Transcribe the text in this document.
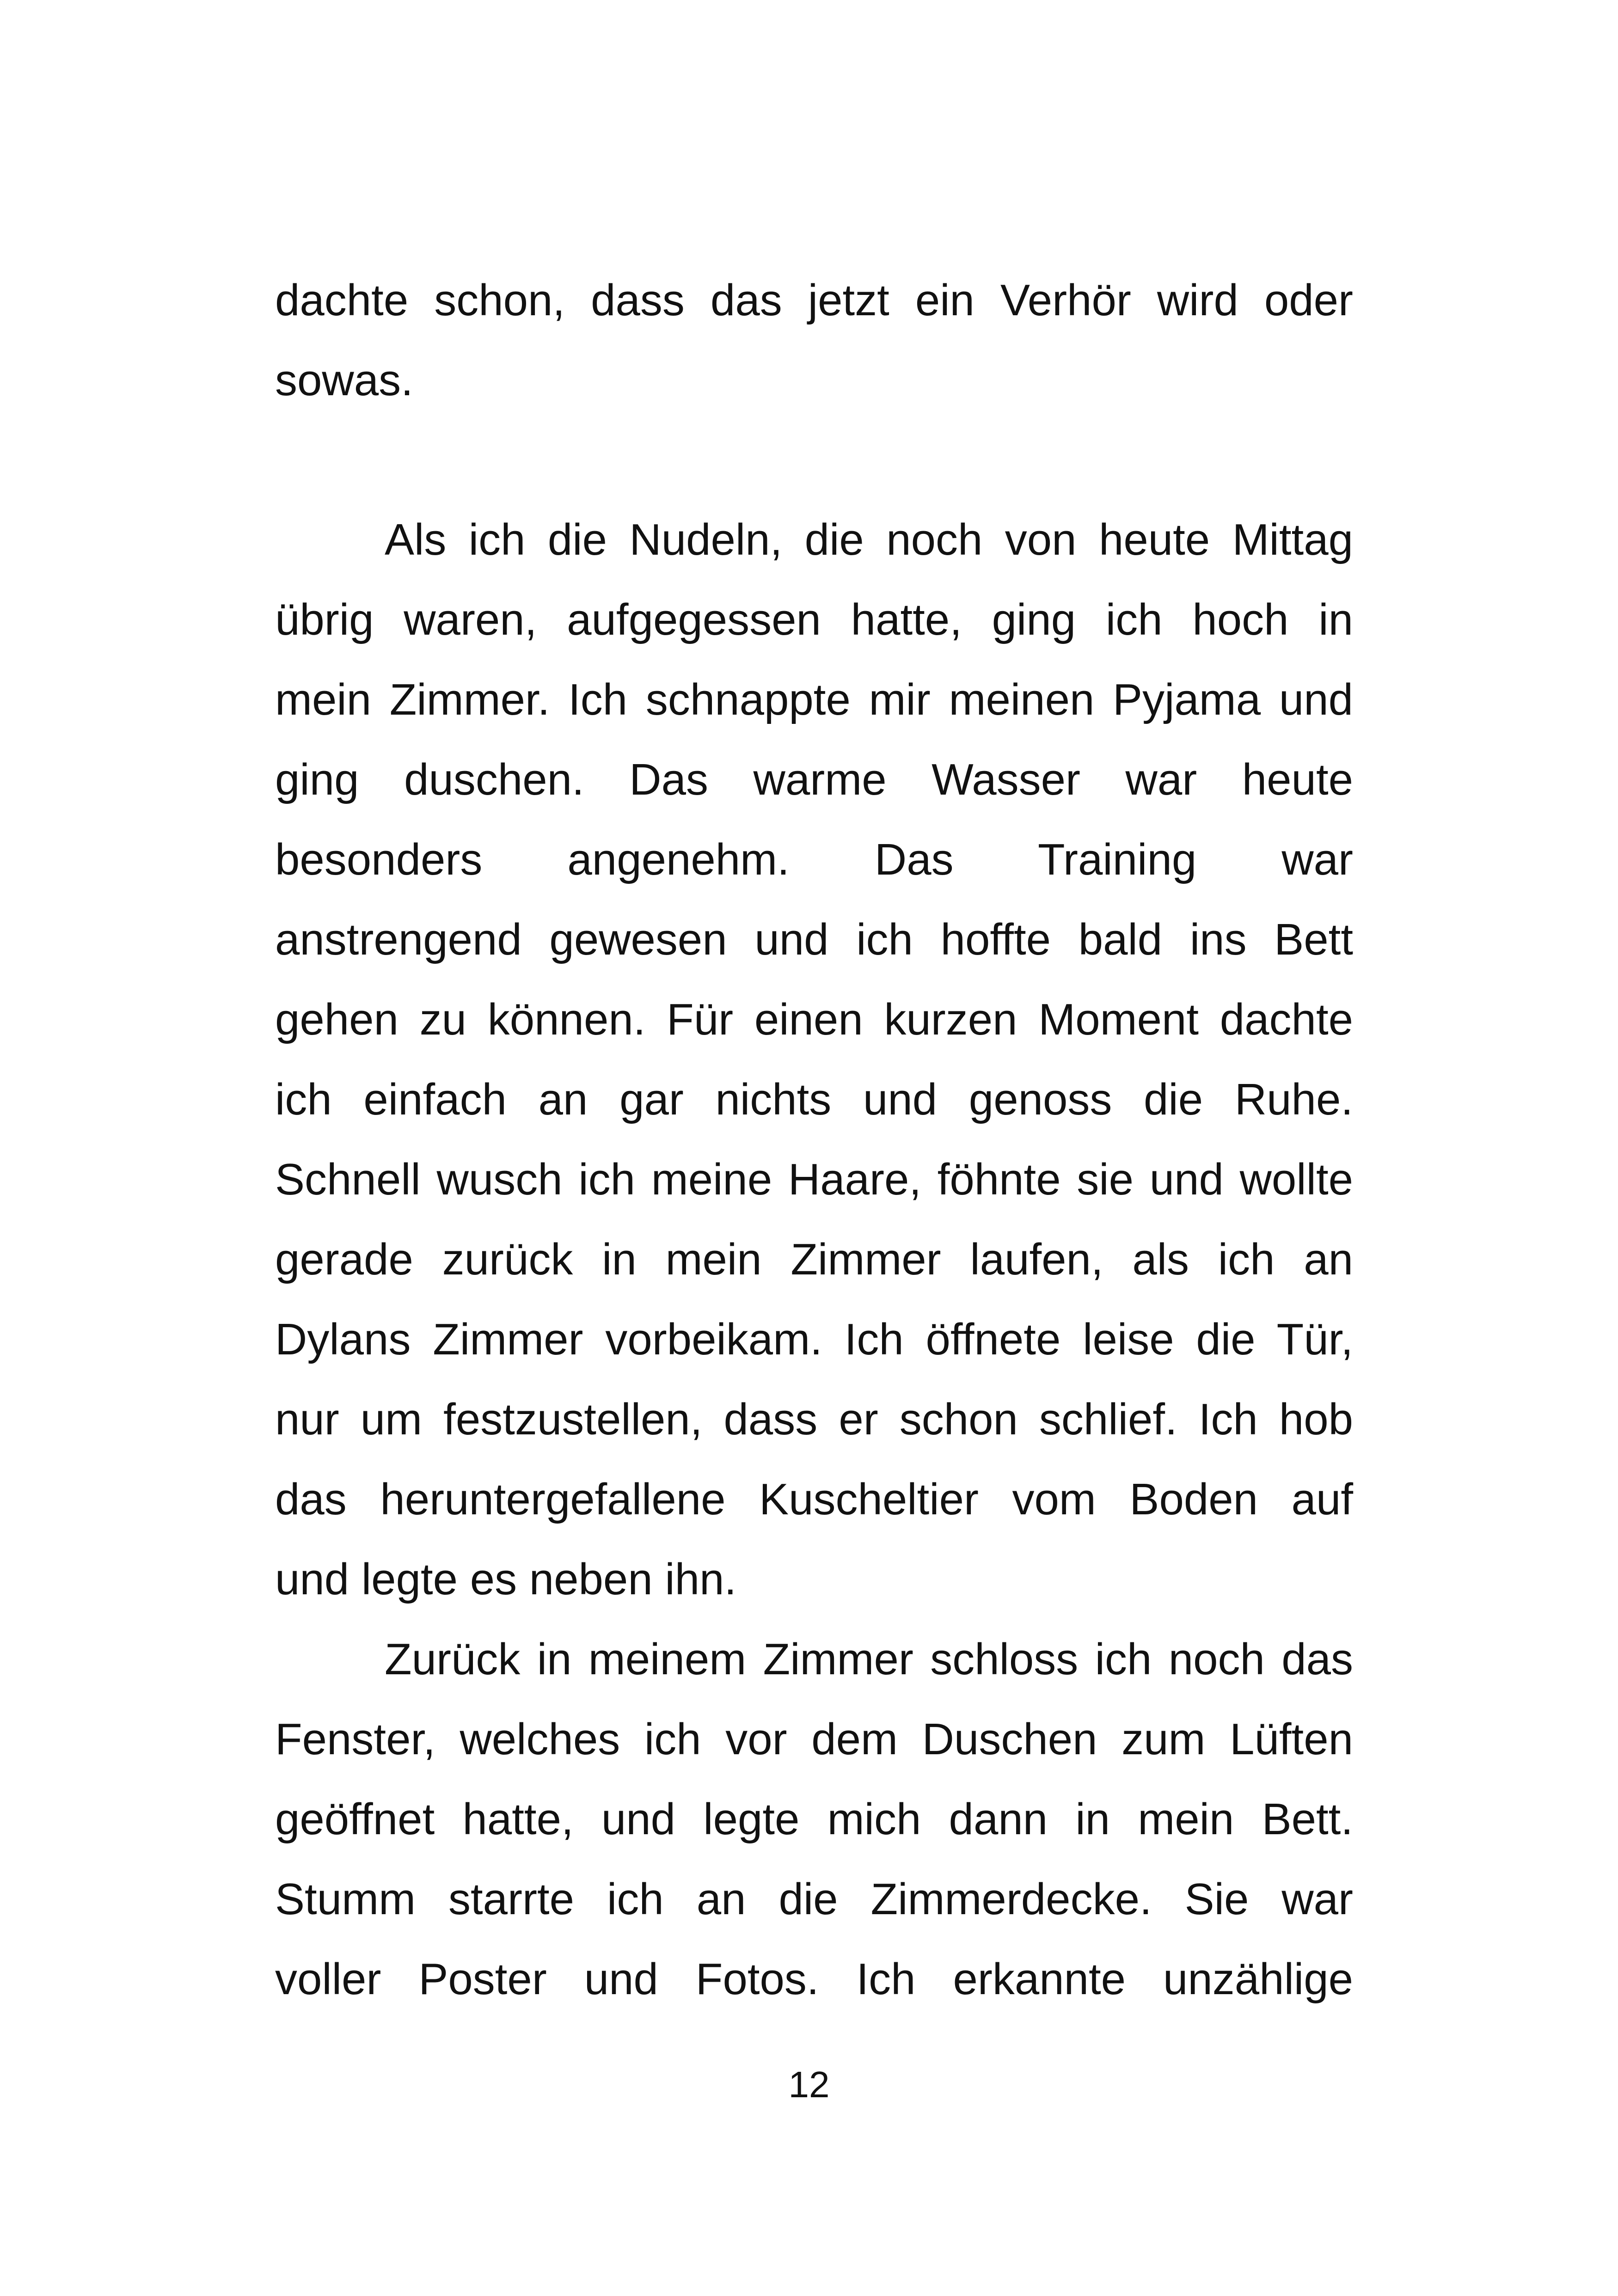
dachte schon, dass das jetzt ein Verhör wird oder
sowas.
Als ich die Nudeln, die noch von heute Mittag
übrig waren, aufgegessen hatte, ging ich hoch in
mein Zimmer. Ich schnappte mir meinen Pyjama und
ging duschen. Das warme Wasser war heute
besonders angenehm. Das Training war
anstrengend gewesen und ich hoffte bald ins Bett
gehen zu können. Für einen kurzen Moment dachte
ich einfach an gar nichts und genoss die Ruhe.
Schnell wusch ich meine Haare, föhnte sie und wollte
gerade zurück in mein Zimmer laufen, als ich an
Dylans Zimmer vorbeikam. Ich öffnete leise die Tür,
nur um festzustellen, dass er schon schlief. Ich hob
das heruntergefallene Kuscheltier vom Boden auf
und legte es neben ihn.
Zurück in meinem Zimmer schloss ich noch das
Fenster, welches ich vor dem Duschen zum Lüften
geöffnet hatte, und legte mich dann in mein Bett.
Stumm starrte ich an die Zimmerdecke. Sie war
voller Poster und Fotos. Ich erkannte unzählige
12
